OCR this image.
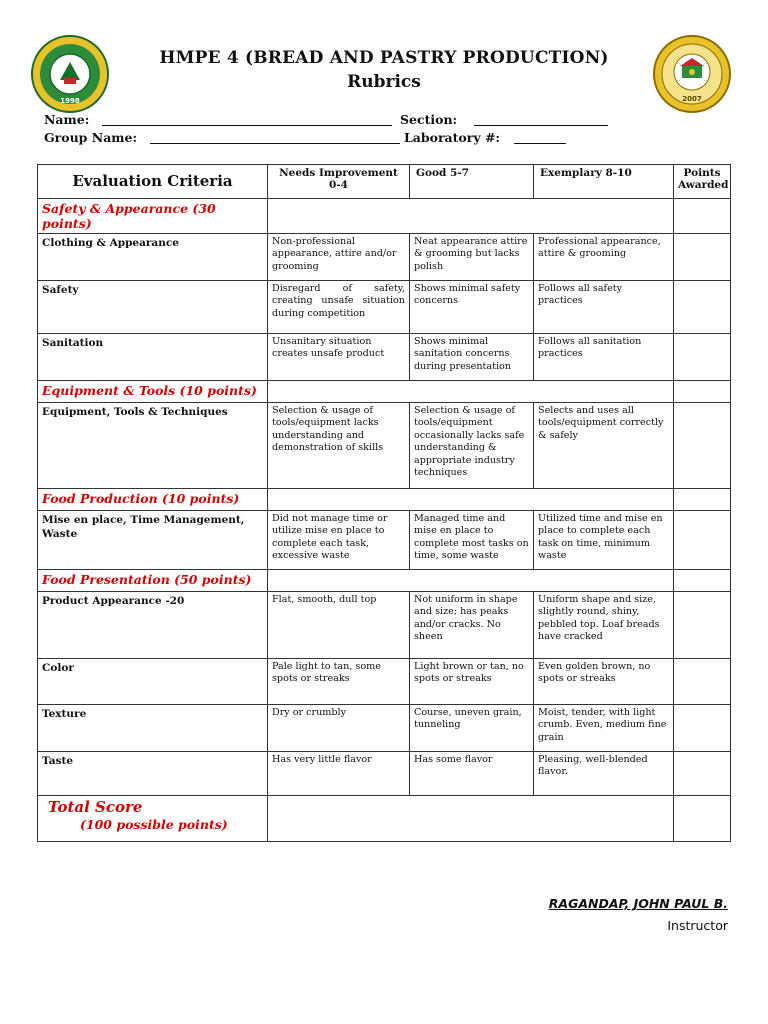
1998	2007
HMPE 4 (BREAD AND PASTRY PRODUCTION)
Rubrics
Name:	Section:
Group Name:	Laboratory #:
Evaluation Criteria	Needs Improvement 0-4	Good 5-7	Exemplary 8-10	Points Awarded
Safety & Appearance (30 points)				
Clothing & Appearance	Non-professional appearance, attire and/or grooming	Neat appearance attire & grooming but lacks polish	Professional appearance, attire & grooming	
Safety	Disregard of safety, creating unsafe situation during competition	Shows minimal safety concerns	Follows all safety practices	
Sanitation	Unsanitary situation creates unsafe product	Shows minimal sanitation concerns during presentation	Follows all sanitation practices	
Equipment & Tools (10 points)				
Equipment, Tools & Techniques	Selection & usage of tools/equipment lacks understanding and demonstration of skills	Selection & usage of tools/equipment occasionally lacks safe understanding & appropriate industry techniques	Selects and uses all tools/equipment correctly & safely	
Food Production (10 points)				
Mise en place, Time Management, Waste	Did not manage time or utilize mise en place to complete each task, excessive waste	Managed time and mise en place to complete most tasks on time, some waste	Utilized time and mise en place to complete each task on time, minimum waste	
Food Presentation (50 points)				
Product Appearance -20	Flat, smooth, dull top	Not uniform in shape and size; has peaks and/or cracks. No sheen	Uniform shape and size, slightly round, shiny, pebbled top. Loaf breads have cracked	
Color	Pale light to tan, some spots or streaks	Light brown or tan, no spots or streaks	Even golden brown, no spots or streaks	
Texture	Dry or crumbly	Course, uneven grain, tunneling	Moist, tender, with light crumb. Even, medium fine grain	
Taste	Has very little flavor	Has some flavor	Pleasing, well-blended flavor.	
Total Score
(100 possible points)				

RAGANDAP, JOHN PAUL B.
Instructor
